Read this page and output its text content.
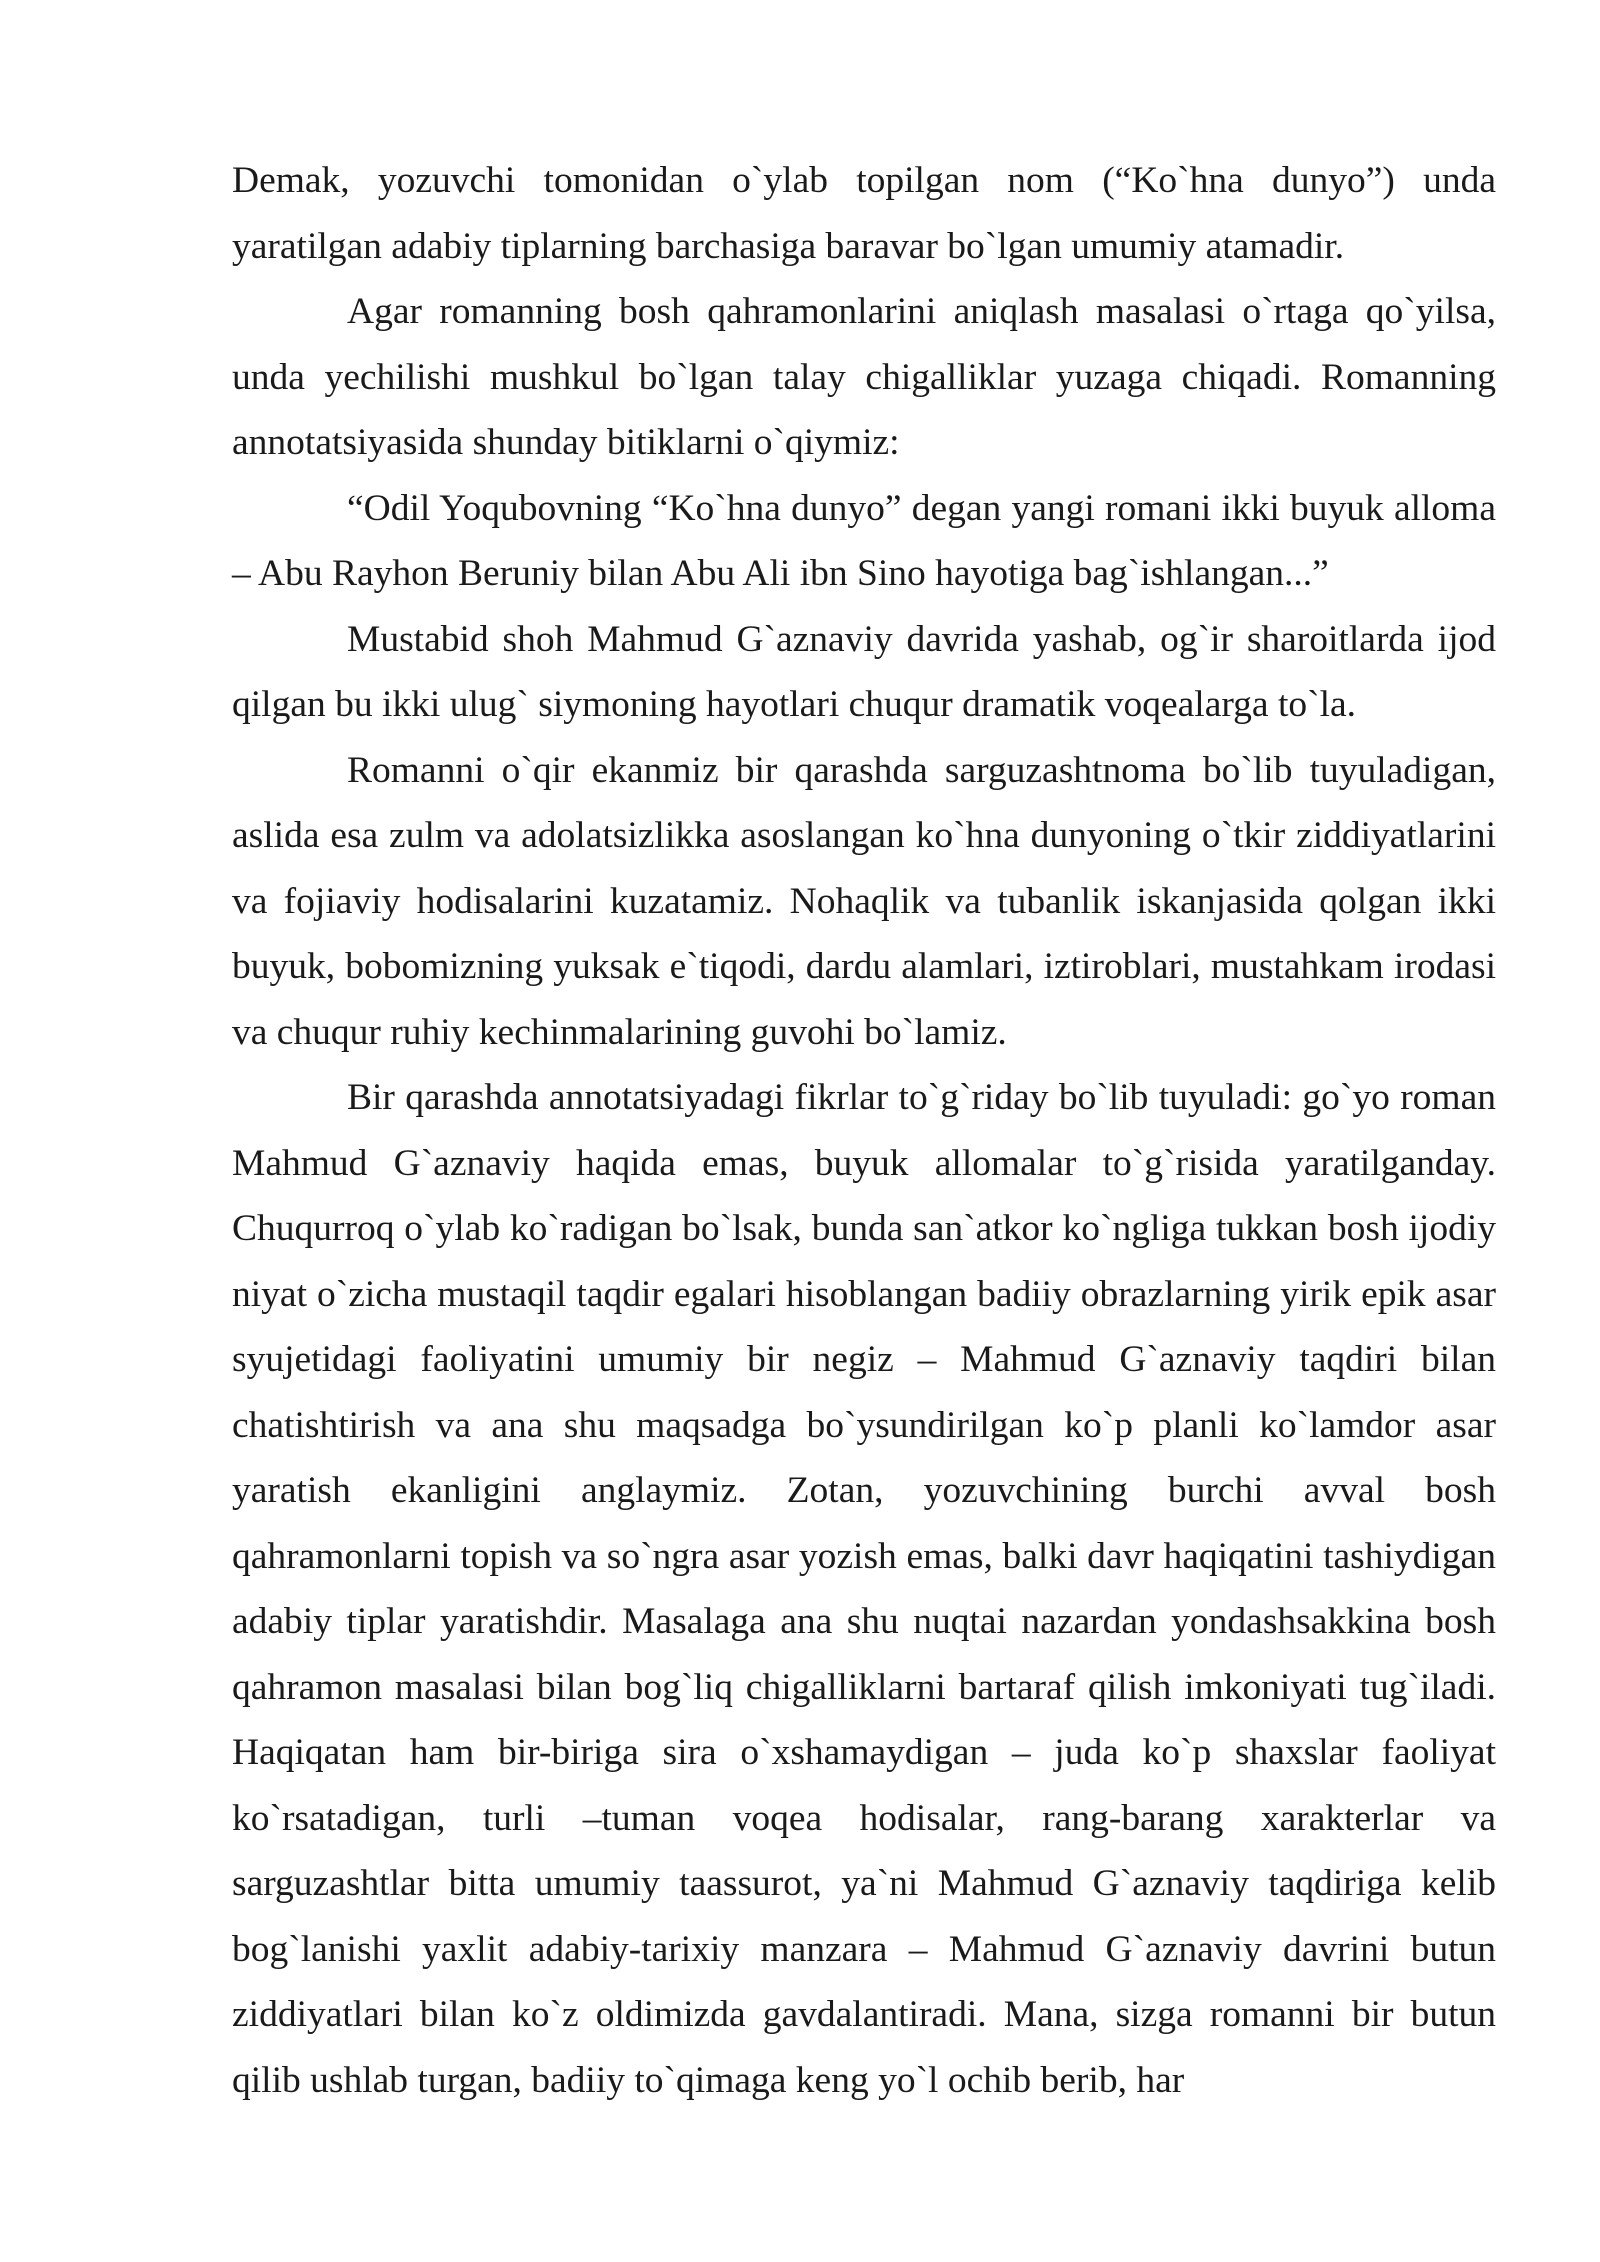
Demak, yozuvchi tomonidan o`ylab topilgan nom (“Ko`hna dunyo”) unda yaratilgan adabiy tiplarning barchasiga baravar bo`lgan umumiy atamadir.

Agar romanning bosh qahramonlarini aniqlash masalasi o`rtaga qo`yilsa, unda yechilishi mushkul bo`lgan talay chigalliklar yuzaga chiqadi. Romanning annotatsiyasida shunday bitiklarni o`qiymiz:

“Odil Yoqubovning “Ko`hna dunyo” degan yangi romani ikki buyuk alloma – Abu Rayhon Beruniy bilan Abu Ali ibn Sino hayotiga bag`ishlangan...”

Mustabid shoh Mahmud G`aznaviy davrida yashab, og`ir sharoitlarda ijod qilgan bu ikki ulug` siymoning hayotlari chuqur dramatik voqealarga to`la.

Romanni o`qir ekanmiz bir qarashda sarguzashtnoma bo`lib tuyuladigan, aslida esa zulm va adolatsizlikka asoslangan ko`hna dunyoning o`tkir ziddiyatlarini va fojiaviy hodisalarini kuzatamiz. Nohaqlik va tubanlik iskanjasida qolgan ikki buyuk, bobomizning yuksak e`tiqodi, dardu alamlari, iztiroblari, mustahkam irodasi va chuqur ruhiy kechinmalarining guvohi bo`lamiz.

Bir qarashda annotatsiyadagi fikrlar to`g`riday bo`lib tuyuladi: go`yo roman Mahmud G`aznaviy haqida emas, buyuk allomalar to`g`risida yaratilganday. Chuqurroq o`ylab ko`radigan bo`lsak, bunda san`atkor ko`ngliga tukkan bosh ijodiy niyat o`zicha mustaqil taqdir egalari hisoblangan badiiy obrazlarning yirik epik asar syujetidagi faoliyatini umumiy bir negiz – Mahmud G`aznaviy taqdiri bilan chatishtirish va ana shu maqsadga bo`ysundirilgan ko`p planli ko`lamdor asar yaratish ekanligini anglaymiz. Zotan, yozuvchining burchi avval bosh qahramonlarni topish va so`ngra asar yozish emas, balki davr haqiqatini tashiydigan adabiy tiplar yaratishdir. Masalaga ana shu nuqtai nazardan yondashsakkina bosh qahramon masalasi bilan bog`liq chigalliklarni bartaraf qilish imkoniyati tug`iladi. Haqiqatan ham bir-biriga sira o`xshamaydigan – juda ko`p shaxslar faoliyat ko`rsatadigan, turli –tuman voqea hodisalar, rang-barang xarakterlar va sarguzashtlar bitta umumiy taassurot, ya`ni Mahmud G`aznaviy taqdiriga kelib bog`lanishi yaxlit adabiy-tarixiy manzara – Mahmud G`aznaviy davrini butun ziddiyatlari bilan ko`z oldimizda gavdalantiradi. Mana, sizga romanni bir butun qilib ushlab turgan, badiiy to`qimaga keng yo`l ochib berib, har
